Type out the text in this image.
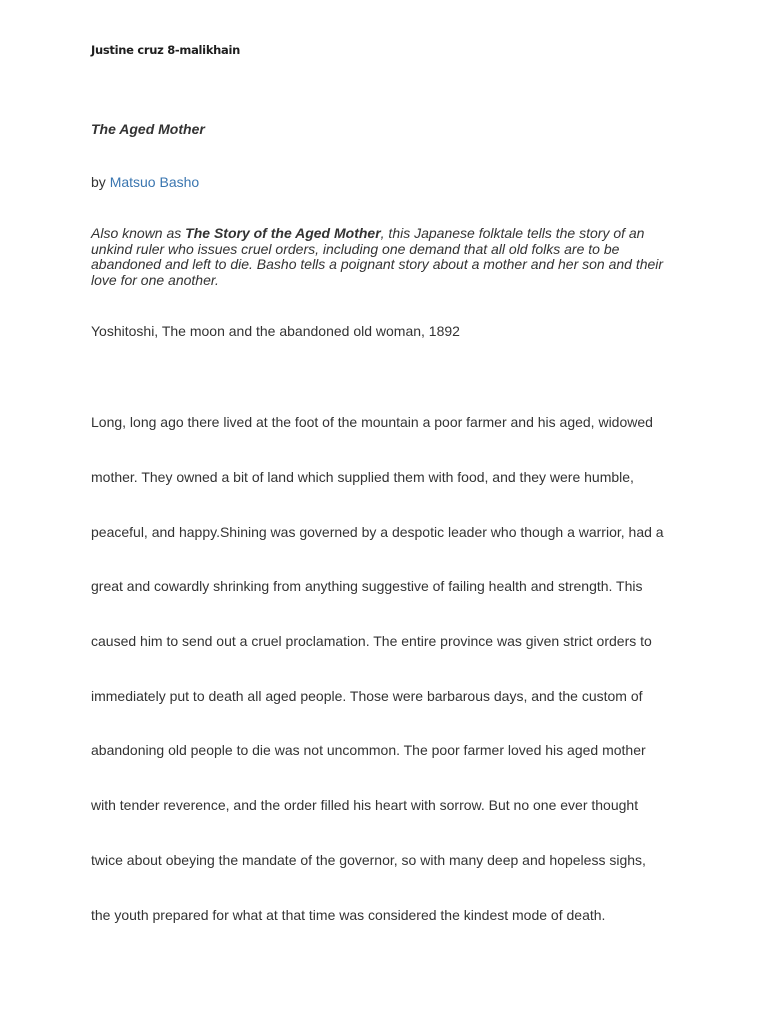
Justine cruz 8-malikhain
The Aged Mother
by Matsuo Basho
Also known as The Story of the Aged Mother, this Japanese folktale tells the story of an unkind ruler who issues cruel orders, including one demand that all old folks are to be abandoned and left to die. Basho tells a poignant story about a mother and her son and their love for one another.
Yoshitoshi, The moon and the abandoned old woman, 1892
Long, long ago there lived at the foot of the mountain a poor farmer and his aged, widowed
mother. They owned a bit of land which supplied them with food, and they were humble,
peaceful, and happy.Shining was governed by a despotic leader who though a warrior, had a
great and cowardly shrinking from anything suggestive of failing health and strength. This
caused him to send out a cruel proclamation. The entire province was given strict orders to
immediately put to death all aged people. Those were barbarous days, and the custom of
abandoning old people to die was not uncommon. The poor farmer loved his aged mother
with tender reverence, and the order filled his heart with sorrow. But no one ever thought
twice about obeying the mandate of the governor, so with many deep and hopeless sighs,
the youth prepared for what at that time was considered the kindest mode of death.
